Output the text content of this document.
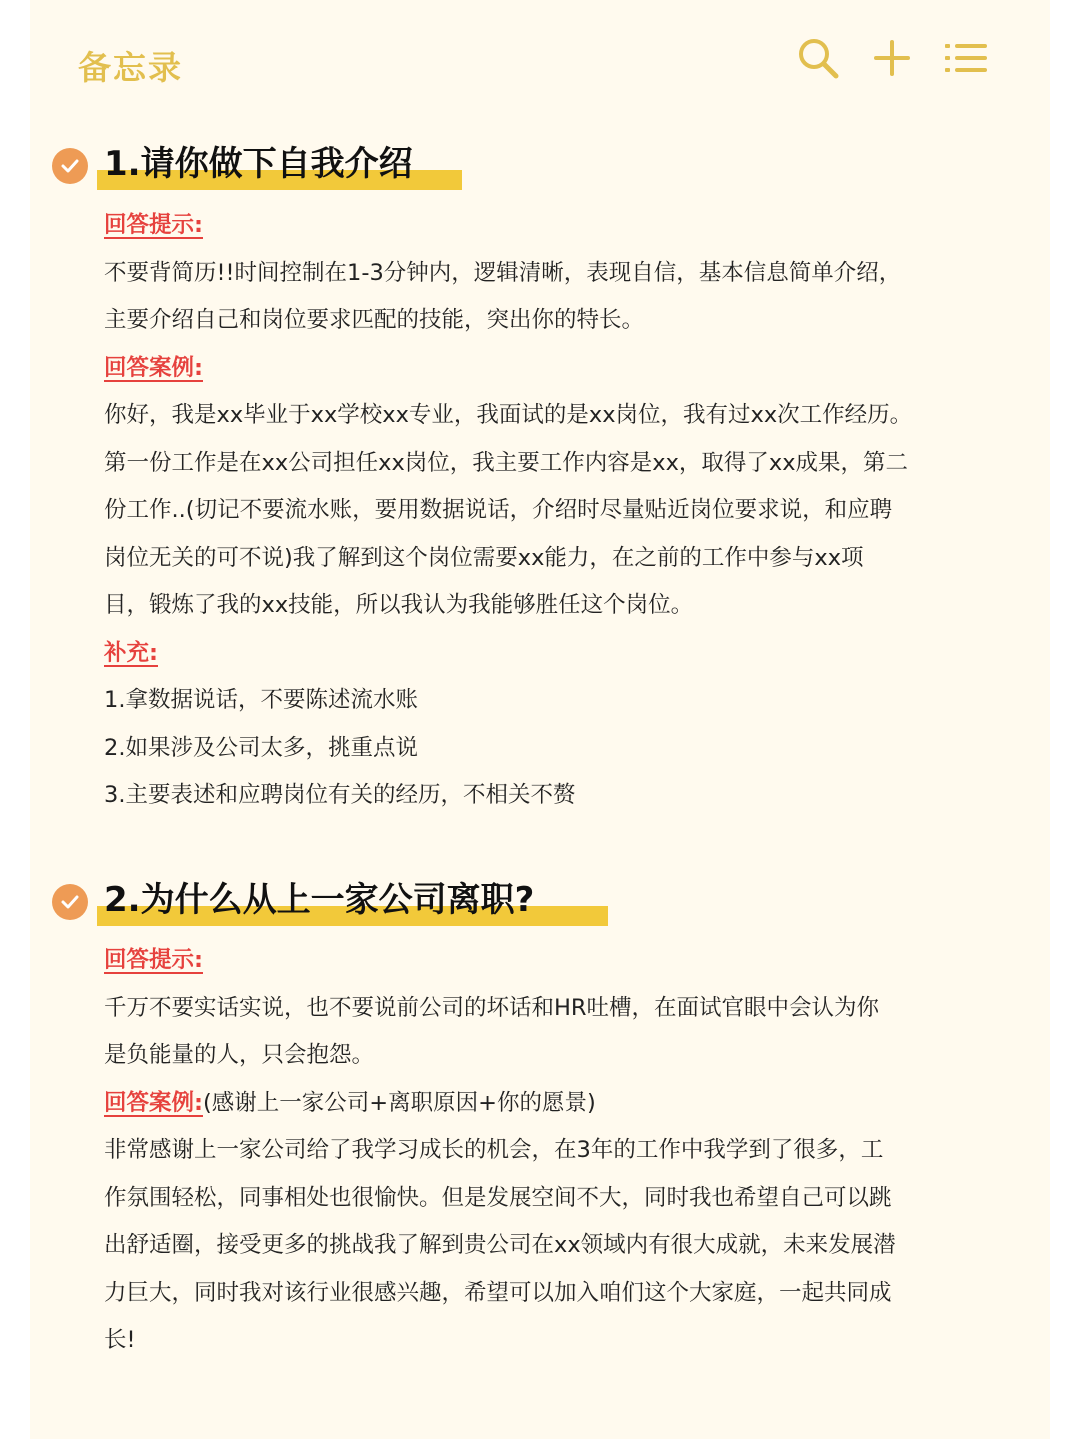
备忘录
1.请你做下自我介绍
回答提示:
不要背简历!!时间控制在1-3分钟内，逻辑清晰，表现自信，基本信息简单介绍，
主要介绍自己和岗位要求匹配的技能，突出你的特长。
回答案例:
你好，我是xx毕业于xx学校xx专业，我面试的是xx岗位，我有过xx次工作经历。
第一份工作是在xx公司担任xx岗位，我主要工作内容是xx，取得了xx成果，第二
份工作..(切记不要流水账，要用数据说话，介绍时尽量贴近岗位要求说，和应聘
岗位无关的可不说)我了解到这个岗位需要xx能力，在之前的工作中参与xx项
目，锻炼了我的xx技能，所以我认为我能够胜任这个岗位。
补充:
1.拿数据说话，不要陈述流水账
2.如果涉及公司太多，挑重点说
3.主要表述和应聘岗位有关的经历，不相关不赘
2.为什么从上一家公司离职?
回答提示:
千万不要实话实说，也不要说前公司的坏话和HR吐槽，在面试官眼中会认为你
是负能量的人，只会抱怨。
回答案例:(感谢上一家公司+离职原因+你的愿景)
非常感谢上一家公司给了我学习成长的机会，在3年的工作中我学到了很多，工
作氛围轻松，同事相处也很愉快。但是发展空间不大，同时我也希望自己可以跳
出舒适圈，接受更多的挑战我了解到贵公司在xx领域内有很大成就，未来发展潜
力巨大，同时我对该行业很感兴趣，希望可以加入咱们这个大家庭，一起共同成
长!
